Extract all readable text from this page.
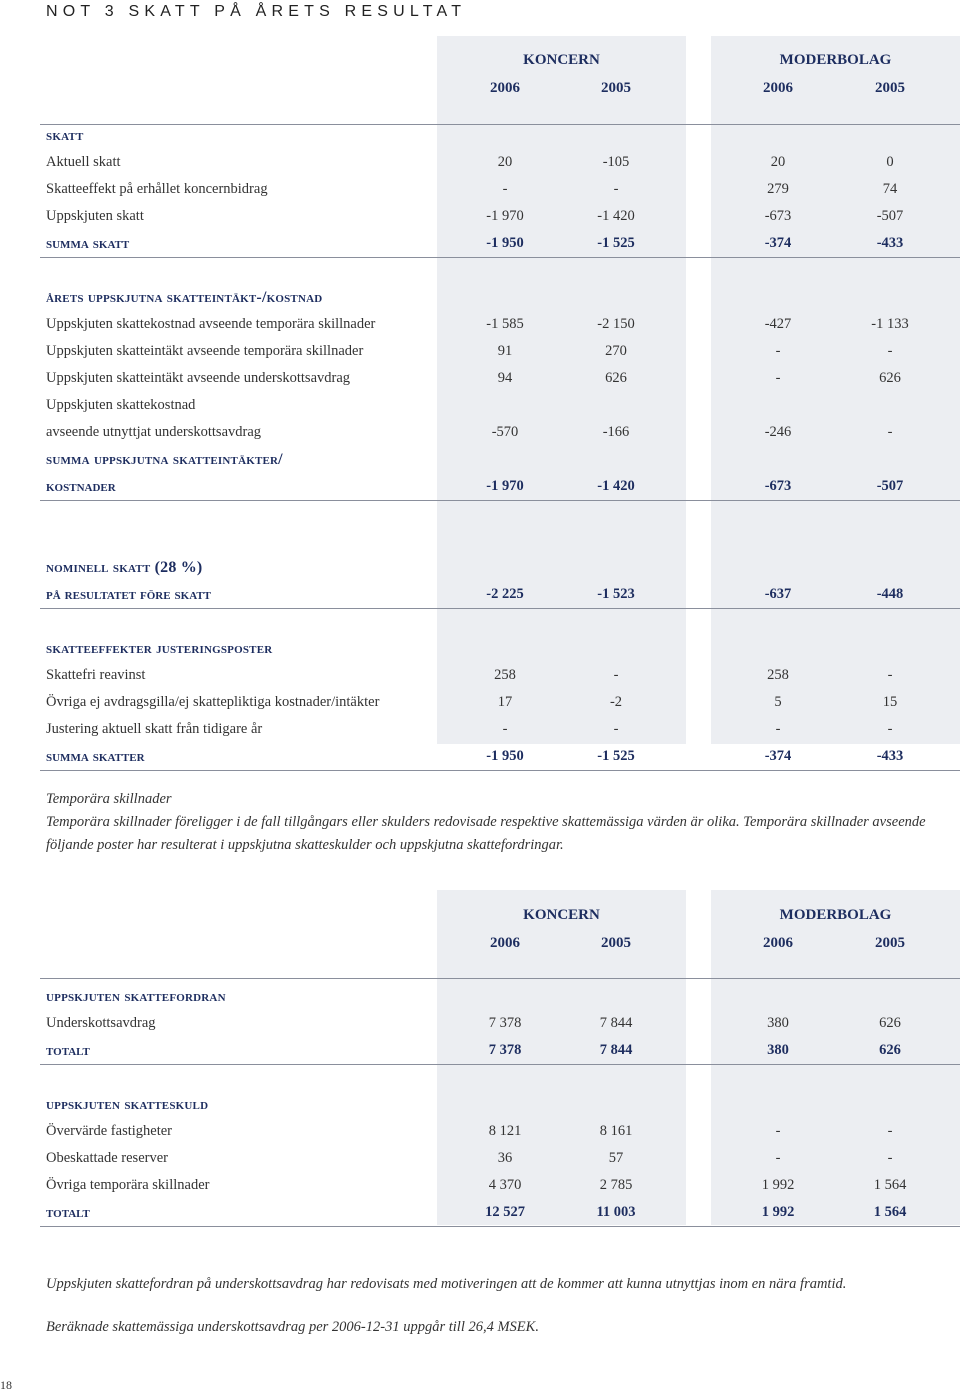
NOT 3 SKATT PÅ ÅRETS RESULTAT
KONCERN	MODERBOLAG
2006	2005	2006	2005
skatt
Aktuell skatt	20	-105	20	0
Skatteeffekt på erhållet koncernbidrag	-	-	279	74
Uppskjuten skatt	-1 970	-1 420	-673	-507
summa skatt	-1 950	-1 525	-374	-433
årets uppskjutna skatteintäkt-/kostnad
Uppskjuten skattekostnad avseende temporära skillnader	-1 585	-2 150	-427	-1 133
Uppskjuten skatteintäkt avseende temporära skillnader	91	270	-	-
Uppskjuten skatteintäkt avseende underskottsavdrag	94	626	-	626
Uppskjuten skattekostnad
avseende utnyttjat underskottsavdrag	-570	-166	-246	-
summa uppskjutna skatteintäkter/
kostnader	-1 970	-1 420	-673	-507
nominell skatt (28 %)
på resultatet före skatt	-2 225	-1 523	-637	-448
skatteeffekter justeringsposter
Skattefri reavinst	258	-	258	-
Övriga ej avdragsgilla/ej skattepliktiga kostnader/intäkter	17	-2	5	15
Justering aktuell skatt från tidigare år	-	-	-	-
summa skatter	-1 950	-1 525	-374	-433

Temporära skillnader

Temporära skillnader föreligger i de fall tillgångars eller skulders redovisade respektive skattemässiga värden är olika. Temporära skillnader avseende följande poster har resulterat i uppskjutna skatteskulder och uppskjutna skattefordringar.

KONCERN	MODERBOLAG
2006	2005	2006	2005
uppskjuten skattefordran
Underskottsavdrag	7 378	7 844	380	626
totalt	7 378	7 844	380	626
uppskjuten skatteskuld
Övervärde fastigheter	8 121	8 161	-	-
Obeskattade reserver	36	57	-	-
Övriga temporära skillnader	4 370	2 785	1 992	1 564
totalt	12 527	11 003	1 992	1 564

Uppskjuten skattefordran på underskottsavdrag har redovisats med motiveringen att de kommer att kunna utnyttjas inom en nära framtid.

Beräknade skattemässiga underskottsavdrag per 2006-12-31 uppgår till 26,4 MSEK.

18
